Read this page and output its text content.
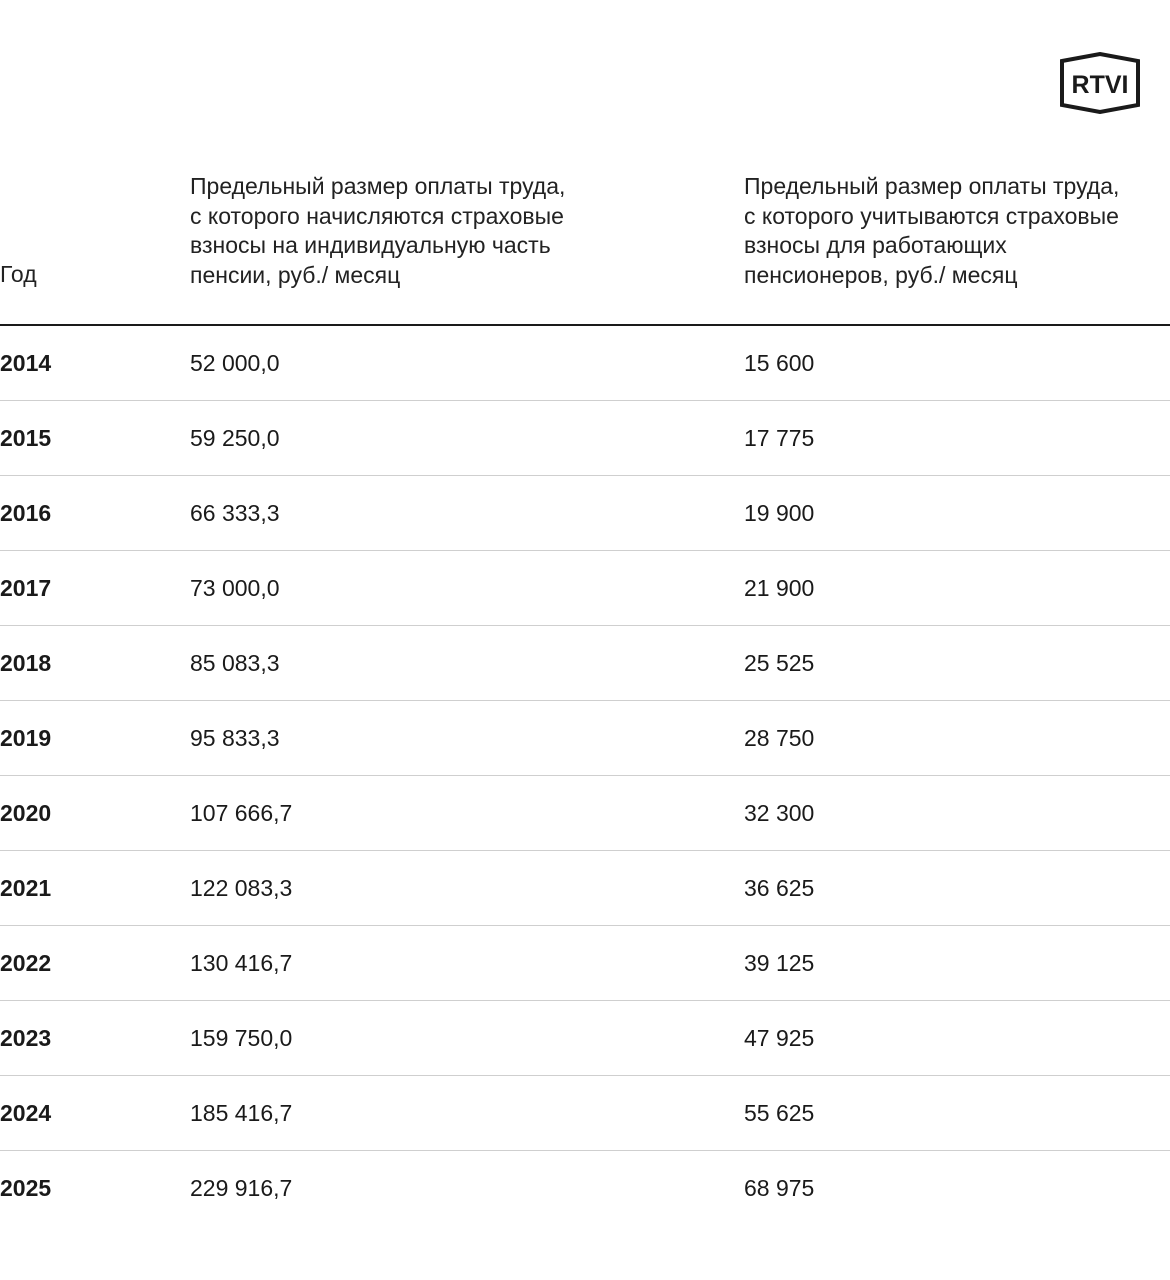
RTVI
Год
Предельный размер оплаты труда,
с которого начисляются страховые
взносы на индивидуальную часть
пенсии, руб./ месяц
Предельный размер оплаты труда,
с которого учитываются страховые
взносы для работающих
пенсионеров, руб./ месяц
2014	52 000,0	15 600
2015	59 250,0	17 775
2016	66 333,3	19 900
2017	73 000,0	21 900
2018	85 083,3	25 525
2019	95 833,3	28 750
2020	107 666,7	32 300
2021	122 083,3	36 625
2022	130 416,7	39 125
2023	159 750,0	47 925
2024	185 416,7	55 625
2025	229 916,7	68 975
